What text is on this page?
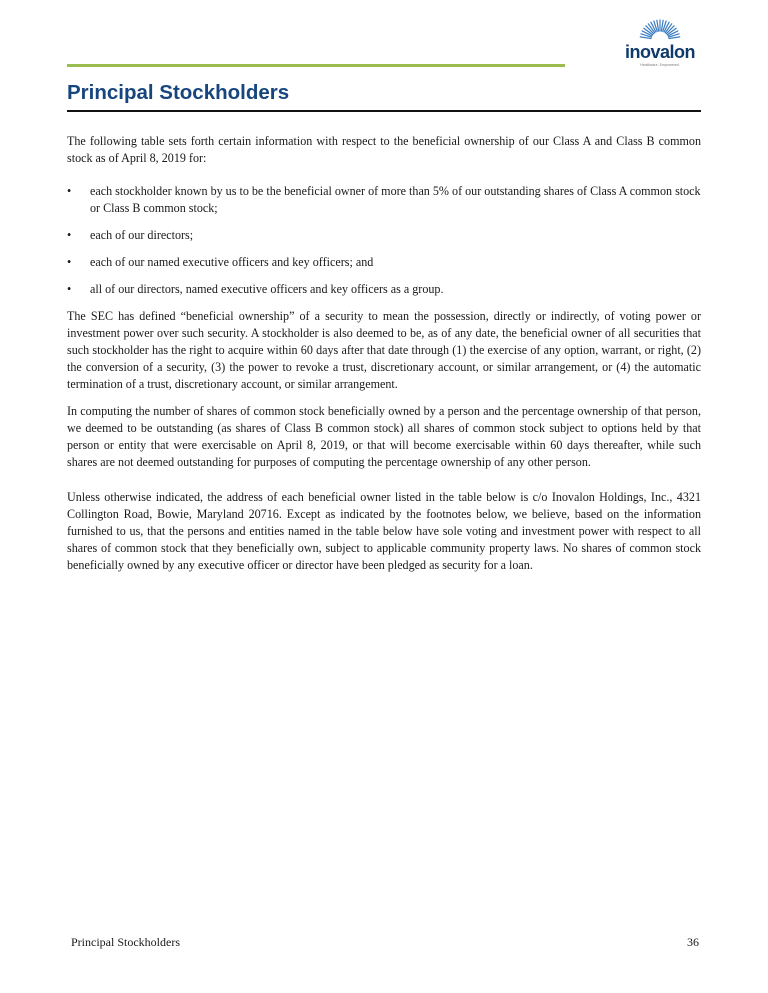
inovalon
Healthcare. Empowered.
Principal Stockholders

The following table sets forth certain information with respect to the beneficial ownership of our Class A and Class B common stock as of April 8, 2019 for:

• each stockholder known by us to be the beneficial owner of more than 5% of our outstanding shares of Class A common stock or Class B common stock;
• each of our directors;
• each of our named executive officers and key officers; and
• all of our directors, named executive officers and key officers as a group.

The SEC has defined “beneficial ownership” of a security to mean the possession, directly or indirectly, of voting power or investment power over such security. A stockholder is also deemed to be, as of any date, the beneficial owner of all securities that such stockholder has the right to acquire within 60 days after that date through (1) the exercise of any option, warrant, or right, (2) the conversion of a security, (3) the power to revoke a trust, discretionary account, or similar arrangement, or (4) the automatic termination of a trust, discretionary account, or similar arrangement.

In computing the number of shares of common stock beneficially owned by a person and the percentage ownership of that person, we deemed to be outstanding (as shares of Class B common stock) all shares of common stock subject to options held by that person or entity that were exercisable on April 8, 2019, or that will become exercisable within 60 days thereafter, while such shares are not deemed outstanding for purposes of computing the percentage ownership of any other person.

Unless otherwise indicated, the address of each beneficial owner listed in the table below is c/o Inovalon Holdings, Inc., 4321 Collington Road, Bowie, Maryland 20716. Except as indicated by the footnotes below, we believe, based on the information furnished to us, that the persons and entities named in the table below have sole voting and investment power with respect to all shares of common stock that they beneficially own, subject to applicable community property laws. No shares of common stock beneficially owned by any executive officer or director have been pledged as security for a loan.

Principal Stockholders	36
